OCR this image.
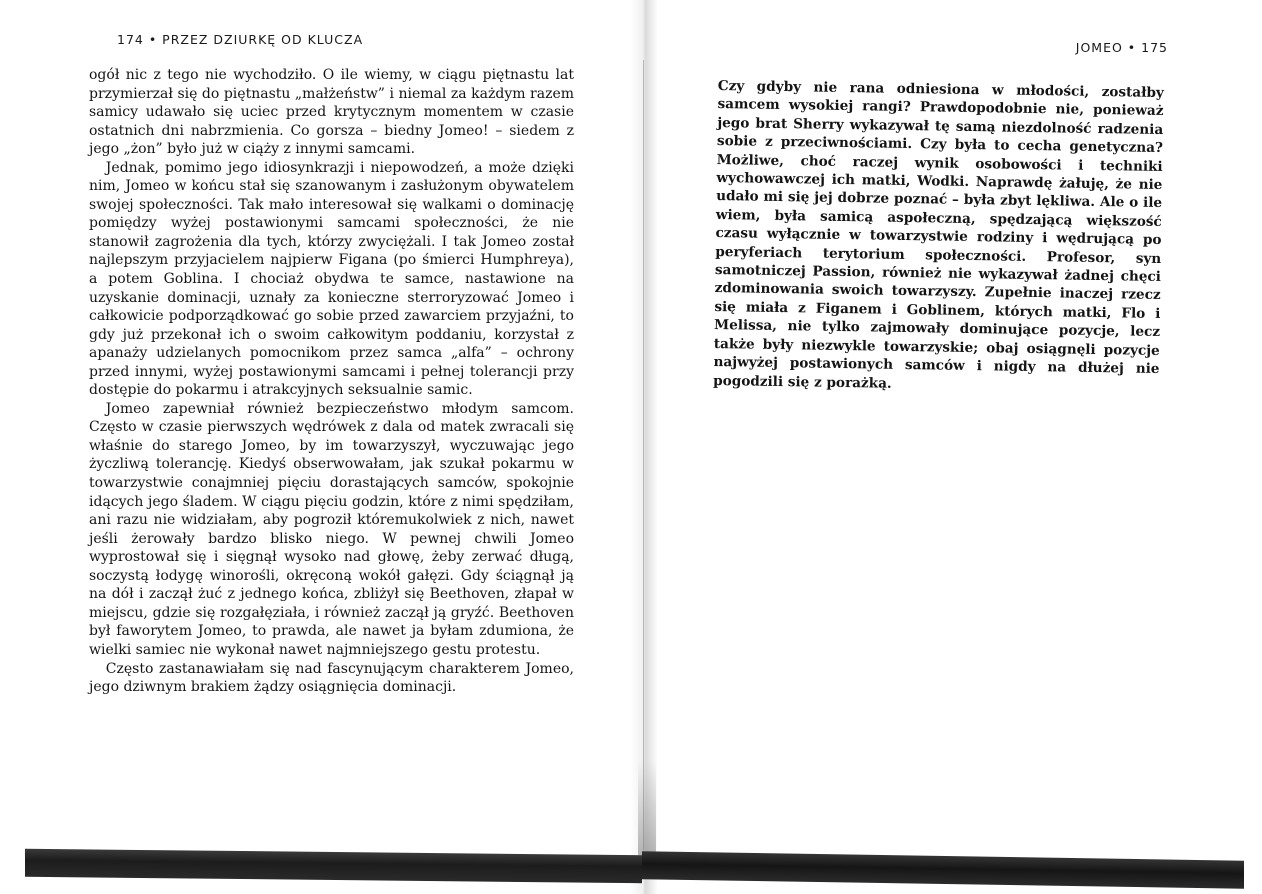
174 • PRZEZ DZIURKĘ OD KLUCZA

ogół nic z tego nie wychodziło. O ile wiemy, w ciągu piętnastu lat przymierzał się do piętnastu „małżeństw” i niemal za każdym razem samicy udawało się uciec przed krytycznym momentem w czasie ostatnich dni nabrzmienia. Co gorsza – biedny Jomeo! – siedem z jego „żon” było już w ciąży z innymi samcami.

Jednak, pomimo jego idiosynkrazji i niepowodzeń, a może dzięki nim, Jomeo w końcu stał się szanowanym i zasłużonym obywatelem swojej społeczności. Tak mało interesował się walkami o dominację pomiędzy wyżej postawionymi samcami społeczności, że nie stanowił zagrożenia dla tych, którzy zwyciężali. I tak Jomeo został najlepszym przyjacielem najpierw Figana (po śmierci Humphreya), a potem Goblina. I chociaż obydwa te samce, nastawione na uzyskanie dominacji, uznały za konieczne sterroryzować Jomeo i całkowicie podporządkować go sobie przed zawarciem przyjaźni, to gdy już przekonał ich o swoim całkowitym poddaniu, korzystał z apanaży udzielanych pomocnikom przez samca „alfa” – ochrony przed innymi, wyżej postawionymi samcami i pełnej tolerancji przy dostępie do pokarmu i atrakcyjnych seksualnie samic.

Jomeo zapewniał również bezpieczeństwo młodym samcom. Często w czasie pierwszych wędrówek z dala od matek zwracali się właśnie do starego Jomeo, by im towarzyszył, wyczuwając jego życzliwą tolerancję. Kiedyś obserwowałam, jak szukał pokarmu w towarzystwie conajmniej pięciu dorastających samców, spokojnie idących jego śladem. W ciągu pięciu godzin, które z nimi spędziłam, ani razu nie widziałam, aby pogroził któremukolwiek z nich, nawet jeśli żerowały bardzo blisko niego. W pewnej chwili Jomeo wyprostował się i sięgnął wysoko nad głowę, żeby zerwać długą, soczystą łodygę winorośli, okręconą wokół gałęzi. Gdy ściągnął ją na dół i zaczął żuć z jednego końca, zbliżył się Beethoven, złapał w miejscu, gdzie się rozgałęziała, i również zaczął ją gryźć. Beethoven był faworytem Jomeo, to prawda, ale nawet ja byłam zdumiona, że wielki samiec nie wykonał nawet najmniejszego gestu protestu.

Często zastanawiałam się nad fascynującym charakterem Jomeo, jego dziwnym brakiem żądzy osiągnięcia dominacji.

JOMEO • 175

Czy gdyby nie rana odniesiona w młodości, zostałby samcem wysokiej rangi? Prawdopodobnie nie, ponieważ jego brat Sherry wykazywał tę samą niezdolność radzenia sobie z przeciwnościami. Czy była to cecha genetyczna? Możliwe, choć raczej wynik osobowości i techniki wychowawczej ich matki, Wodki. Naprawdę żałuję, że nie udało mi się jej dobrze poznać – była zbyt lękliwa. Ale o ile wiem, była samicą aspołeczną, spędzającą większość czasu wyłącznie w towarzystwie rodziny i wędrującą po peryferiach terytorium społeczności. Profesor, syn samotniczej Passion, również nie wykazywał żadnej chęci zdominowania swoich towarzyszy. Zupełnie inaczej rzecz się miała z Figanem i Goblinem, których matki, Flo i Melissa, nie tylko zajmowały dominujące pozycje, lecz także były niezwykle towarzyskie; obaj osiągnęli pozycje najwyżej postawionych samców i nigdy na dłużej nie pogodzili się z porażką.
